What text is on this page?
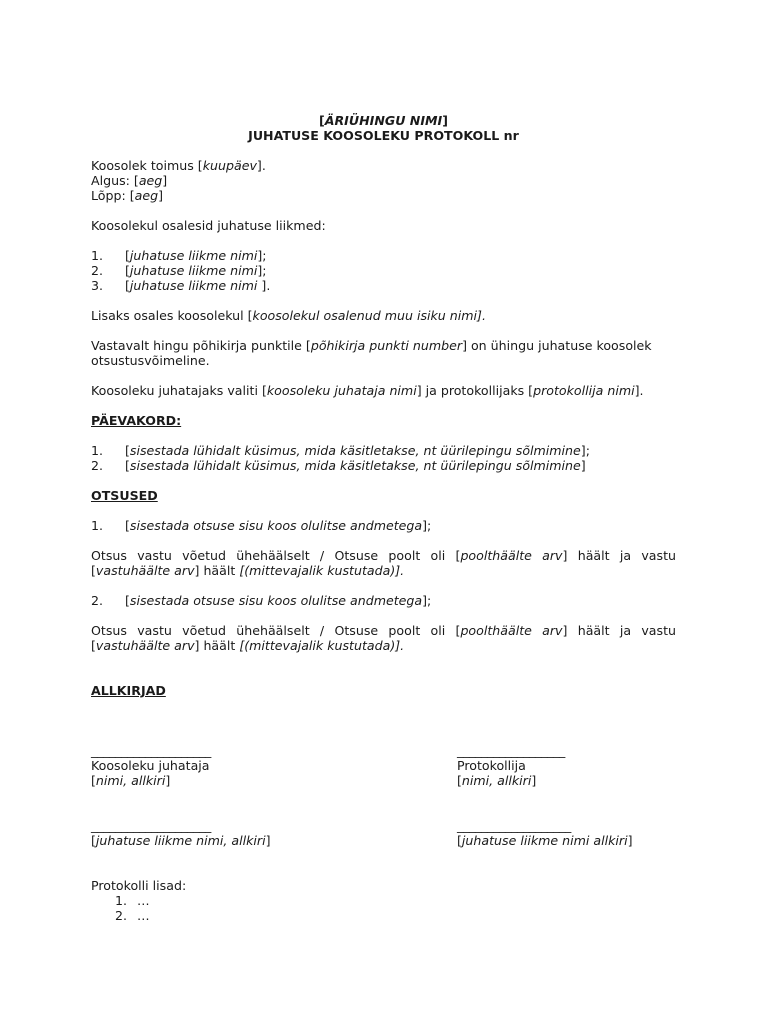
[ÄRIÜHINGU NIMI]
JUHATUSE KOOSOLEKU PROTOKOLL nr
Koosolek toimus [kuupäev].
Algus: [aeg]
Lõpp: [aeg]
Koosolekul osalesid juhatuse liikmed:
1.	[juhatuse liikme nimi];
2.	[juhatuse liikme nimi];
3.	[juhatuse liikme nimi ].
Lisaks osales koosolekul [koosolekul osalenud muu isiku nimi].
Vastavalt hingu põhikirja punktile [põhikirja punkti number] on ühingu juhatuse koosolek otsustusvõimeline.
Koosoleku juhatajaks valiti [koosoleku juhataja nimi] ja protokollijaks [protokollija nimi].
PÄEVAKORD:
1.	[sisestada lühidalt küsimus, mida käsitletakse, nt üürilepingu sõlmimine];
2.	[sisestada lühidalt küsimus, mida käsitletakse, nt üürilepingu sõlmimine]
OTSUSED
1.	[sisestada otsuse sisu koos olulitse andmetega];
Otsus vastu võetud ühehäälselt / Otsuse poolt oli [poolthäälte arv] häält ja vastu [vastuhäälte arv] häält [(mittevajalik kustutada)].
2.	[sisestada otsuse sisu koos olulitse andmetega];
Otsus vastu võetud ühehäälselt / Otsuse poolt oli [poolthäälte arv] häält ja vastu [vastuhäälte arv] häält [(mittevajalik kustutada)].
ALLKIRJAD
____________________
Koosoleku juhataja
[nimi, allkiri]
__________________
Protokollija
[nimi, allkiri]
____________________
[juhatuse liikme nimi, allkiri]
___________________
[juhatuse liikme nimi allkiri]
Protokolli lisad:
1. …
2. …
